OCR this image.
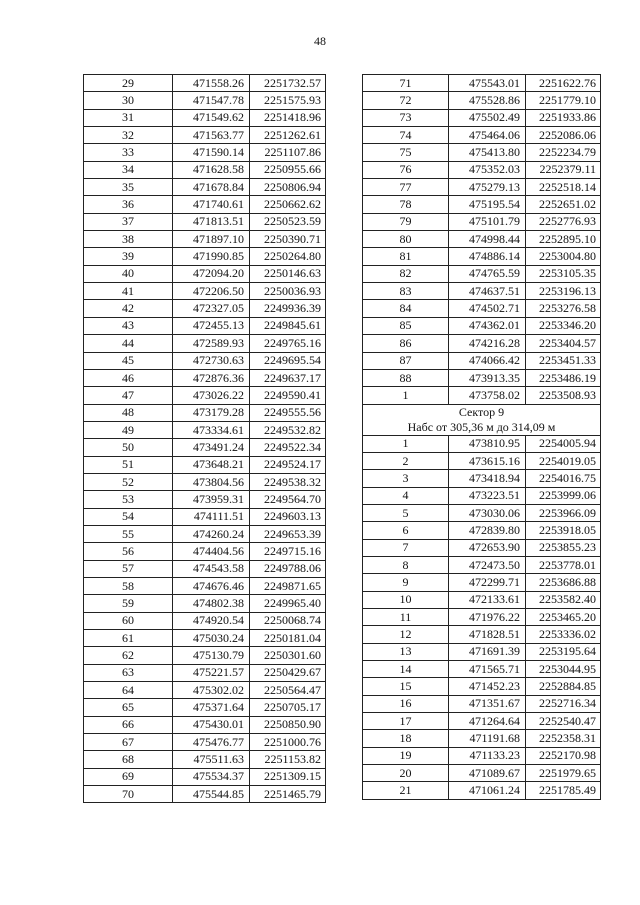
48
29	471558.26	2251732.57
30	471547.78	2251575.93
31	471549.62	2251418.96
32	471563.77	2251262.61
33	471590.14	2251107.86
34	471628.58	2250955.66
35	471678.84	2250806.94
36	471740.61	2250662.62
37	471813.51	2250523.59
38	471897.10	2250390.71
39	471990.85	2250264.80
40	472094.20	2250146.63
41	472206.50	2250036.93
42	472327.05	2249936.39
43	472455.13	2249845.61
44	472589.93	2249765.16
45	472730.63	2249695.54
46	472876.36	2249637.17
47	473026.22	2249590.41
48	473179.28	2249555.56
49	473334.61	2249532.82
50	473491.24	2249522.34
51	473648.21	2249524.17
52	473804.56	2249538.32
53	473959.31	2249564.70
54	474111.51	2249603.13
55	474260.24	2249653.39
56	474404.56	2249715.16
57	474543.58	2249788.06
58	474676.46	2249871.65
59	474802.38	2249965.40
60	474920.54	2250068.74
61	475030.24	2250181.04
62	475130.79	2250301.60
63	475221.57	2250429.67
64	475302.02	2250564.47
65	475371.64	2250705.17
66	475430.01	2250850.90
67	475476.77	2251000.76
68	475511.63	2251153.82
69	475534.37	2251309.15
70	475544.85	2251465.79
71	475543.01	2251622.76
72	475528.86	2251779.10
73	475502.49	2251933.86
74	475464.06	2252086.06
75	475413.80	2252234.79
76	475352.03	2252379.11
77	475279.13	2252518.14
78	475195.54	2252651.02
79	475101.79	2252776.93
80	474998.44	2252895.10
81	474886.14	2253004.80
82	474765.59	2253105.35
83	474637.51	2253196.13
84	474502.71	2253276.58
85	474362.01	2253346.20
86	474216.28	2253404.57
87	474066.42	2253451.33
88	473913.35	2253486.19
1	473758.02	2253508.93
Сектор 9		
Набс от 305,36 м до 314,09 м		
1	473810.95	2254005.94
2	473615.16	2254019.05
3	473418.94	2254016.75
4	473223.51	2253999.06
5	473030.06	2253966.09
6	472839.80	2253918.05
7	472653.90	2253855.23
8	472473.50	2253778.01
9	472299.71	2253686.88
10	472133.61	2253582.40
11	471976.22	2253465.20
12	471828.51	2253336.02
13	471691.39	2253195.64
14	471565.71	2253044.95
15	471452.23	2252884.85
16	471351.67	2252716.34
17	471264.64	2252540.47
18	471191.68	2252358.31
19	471133.23	2252170.98
20	471089.67	2251979.65
21	471061.24	2251785.49
